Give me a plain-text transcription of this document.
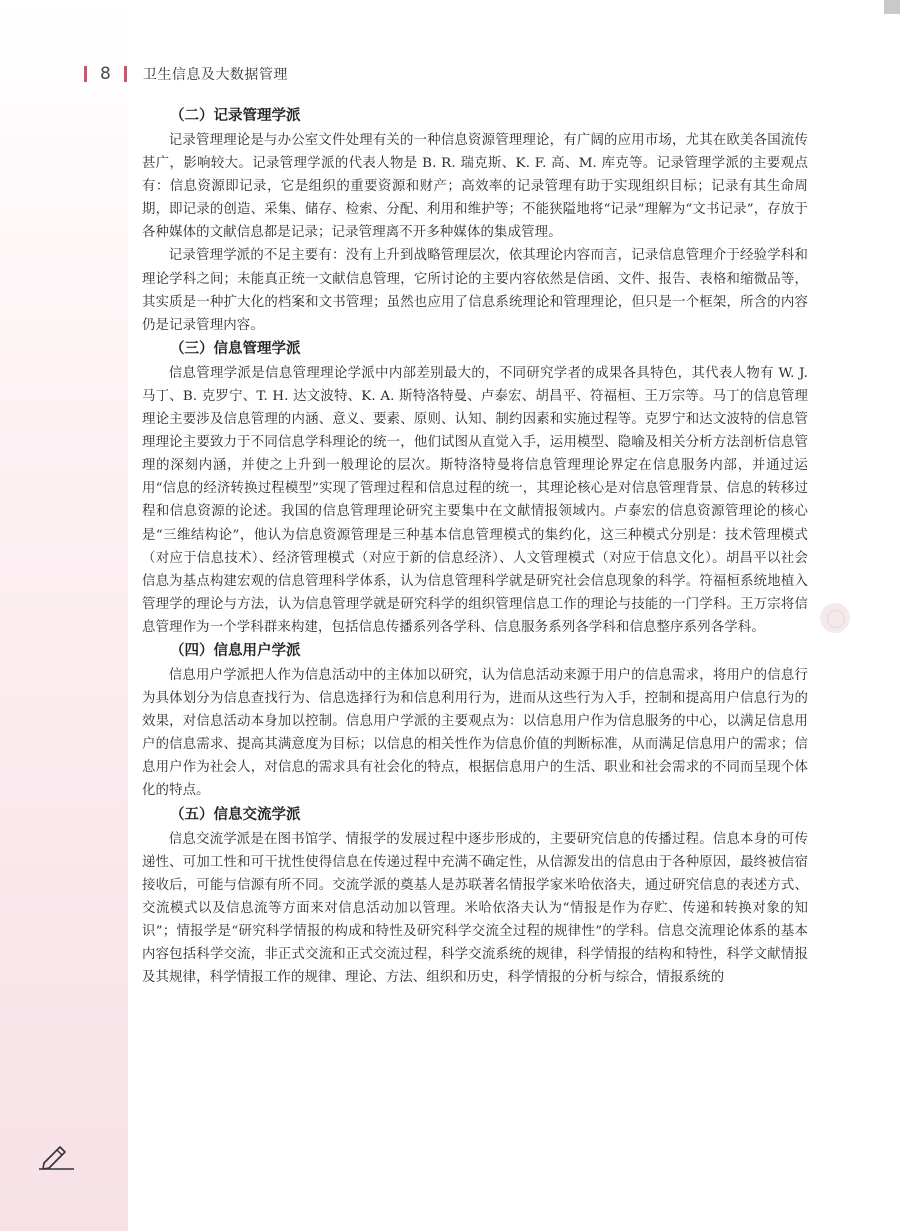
8 卫生信息及大数据管理
（二）记录管理学派

记录管理理论是与办公室文件处理有关的一种信息资源管理理论，有广阔的应用市场，尤其在欧美各国流传甚广，影响较大。记录管理学派的代表人物是 B. R. 瑞克斯、K. F. 高、M. 库克等。记录管理学派的主要观点有：信息资源即记录，它是组织的重要资源和财产；高效率的记录管理有助于实现组织目标；记录有其生命周期，即记录的创造、采集、储存、检索、分配、利用和维护等；不能狭隘地将“记录”理解为“文书记录”，存放于各种媒体的文献信息都是记录；记录管理离不开多种媒体的集成管理。

记录管理学派的不足主要有：没有上升到战略管理层次，依其理论内容而言，记录信息管理介于经验学科和理论学科之间；未能真正统一文献信息管理，它所讨论的主要内容依然是信函、文件、报告、表格和缩微品等，其实质是一种扩大化的档案和文书管理；虽然也应用了信息系统理论和管理理论，但只是一个框架，所含的内容仍是记录管理内容。

（三）信息管理学派

信息管理学派是信息管理理论学派中内部差别最大的，不同研究学者的成果各具特色，其代表人物有 W. J. 马丁、B. 克罗宁、T. H. 达文波特、K. A. 斯特洛特曼、卢泰宏、胡昌平、符福桓、王万宗等。马丁的信息管理理论主要涉及信息管理的内涵、意义、要素、原则、认知、制约因素和实施过程等。克罗宁和达文波特的信息管理理论主要致力于不同信息学科理论的统一，他们试图从直觉入手，运用模型、隐喻及相关分析方法剖析信息管理的深刻内涵，并使之上升到一般理论的层次。斯特洛特曼将信息管理理论界定在信息服务内部，并通过运用“信息的经济转换过程模型”实现了管理过程和信息过程的统一，其理论核心是对信息管理背景、信息的转移过程和信息资源的论述。我国的信息管理理论研究主要集中在文献情报领域内。卢泰宏的信息资源管理论的核心是“三维结构论”，他认为信息资源管理是三种基本信息管理模式的集约化，这三种模式分别是：技术管理模式（对应于信息技术）、经济管理模式（对应于新的信息经济）、人文管理模式（对应于信息文化）。胡昌平以社会信息为基点构建宏观的信息管理科学体系，认为信息管理科学就是研究社会信息现象的科学。符福桓系统地植入管理学的理论与方法，认为信息管理学就是研究科学的组织管理信息工作的理论与技能的一门学科。王万宗将信息管理作为一个学科群来构建，包括信息传播系列各学科、信息服务系列各学科和信息整序系列各学科。

（四）信息用户学派

信息用户学派把人作为信息活动中的主体加以研究，认为信息活动来源于用户的信息需求，将用户的信息行为具体划分为信息查找行为、信息选择行为和信息利用行为，进而从这些行为入手，控制和提高用户信息行为的效果，对信息活动本身加以控制。信息用户学派的主要观点为：以信息用户作为信息服务的中心，以满足信息用户的信息需求、提高其满意度为目标；以信息的相关性作为信息价值的判断标准，从而满足信息用户的需求；信息用户作为社会人，对信息的需求具有社会化的特点，根据信息用户的生活、职业和社会需求的不同而呈现个体化的特点。

（五）信息交流学派

信息交流学派是在图书馆学、情报学的发展过程中逐步形成的，主要研究信息的传播过程。信息本身的可传递性、可加工性和可干扰性使得信息在传递过程中充满不确定性，从信源发出的信息由于各种原因，最终被信宿接收后，可能与信源有所不同。交流学派的奠基人是苏联著名情报学家米哈依洛夫，通过研究信息的表述方式、交流模式以及信息流等方面来对信息活动加以管理。米哈依洛夫认为“情报是作为存贮、传递和转换对象的知识”；情报学是“研究科学情报的构成和特性及研究科学交流全过程的规律性”的学科。信息交流理论体系的基本内容包括科学交流，非正式交流和正式交流过程，科学交流系统的规律，科学情报的结构和特性，科学文献情报及其规律，科学情报工作的规律、理论、方法、组织和历史，科学情报的分析与综合，情报系统的
